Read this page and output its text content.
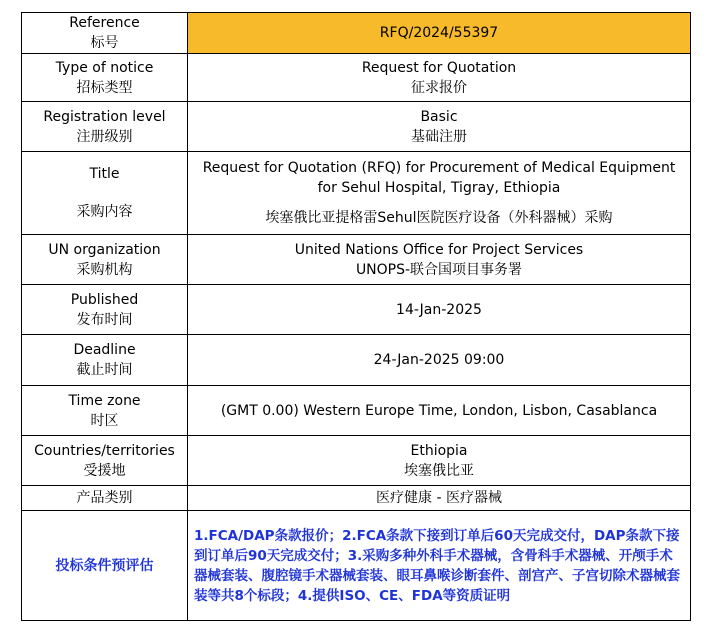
Reference
标号	RFQ/2024/55397

Type of notice
招标类型	Request for Quotation
征求报价

Registration level
注册级别	Basic
基础注册

Title
采购内容	Request for Quotation (RFQ) for Procurement of Medical Equipment
for Sehul Hospital, Tigray, Ethiopia
埃塞俄比亚提格雷Sehul医院医疗设备（外科器械）采购

UN organization
采购机构	United Nations Office for Project Services
UNOPS-联合国项目事务署

Published
发布时间	14-Jan-2025

Deadline
截止时间	24-Jan-2025 09:00

Time zone
时区	(GMT 0.00) Western Europe Time, London, Lisbon, Casablanca

Countries/territories
受援地	Ethiopia
埃塞俄比亚

产品类别	医疗健康 - 医疗器械
投标条件预评估	1.FCA/DAP条款报价；2.FCA条款下接到订单后60天完成交付，DAP条款下接到订单后90天完成交付；3.采购多种外科手术器械，含骨科手术器械、开颅手术器械套装、腹腔镜手术器械套装、眼耳鼻喉诊断套件、剖宫产、子宫切除术器械套装等共8个标段；4.提供ISO、CE、FDA等资质证明
